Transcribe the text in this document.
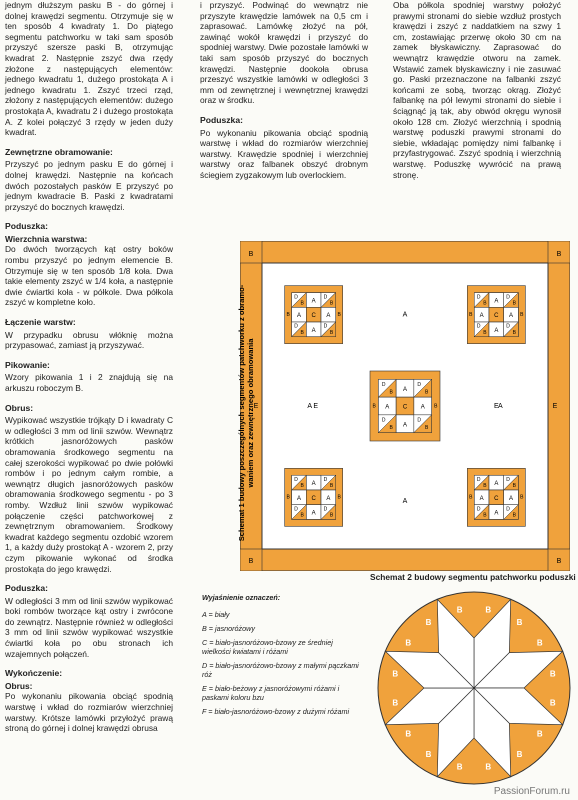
jednym dłuższym pasku B - do górnej i dolnej krawędzi segmentu. Otrzymuje się w ten sposób 4 kwadraty 1. Do piątego segmentu patchworku w taki sam sposób przyszyć szersze paski B, otrzymując kwadrat 2. Następnie zszyć dwa rzędy złożone z następujących elementów: jednego kwadratu 1, dużego prostokąta A i jednego kwadratu 1. Zszyć trzeci rząd, złożony z następujących elementów: dużego prostokąta A, kwadratu 2 i dużego prostokąta A. Z kolei połączyć 3 rzędy w jeden duży kwadrat.

Zewnętrzne obramowanie:

Przyszyć po jednym pasku E do górnej i dolnej krawędzi. Następnie na końcach dwóch pozostałych pasków E przyszyć po jednym kwadracie B. Paski z kwadratami przyszyć do bocznych krawędzi.

Poduszka:
Wierzchnia warstwa:

Do dwóch tworzących kąt ostry boków rombu przyszyć po jednym elemencie B. Otrzymuje się w ten sposób 1/8 koła. Dwa takie elementy zszyć w 1/4 koła, a następnie dwie ćwiartki koła - w półkole. Dwa półkola zszyć w kompletne koło.

Łączenie warstw:

W przypadku obrusu włóknię można przypasować, zamiast ją przyszywać.

Pikowanie:

Wzory pikowania 1 i 2 znajdują się na arkuszu roboczym B.

Obrus:

Wypikować wszystkie trójkąty D i kwadraty C w odległości 3 mm od linii szwów. Wewnątrz krótkich jasnoróżowych pasków obramowania środkowego segmentu na całej szerokości wypikować po dwie połówki rombów i po jednym całym rombie, a wewnątrz długich jasnoróżowych pasków obramowania środkowego segmentu - po 3 romby. Wzdłuż linii szwów wypikować połączenie części patchworkowej z zewnętrznym obramowaniem. Środkowy kwadrat każdego segmentu ozdobić wzorem 1, a każdy duży prostokąt A - wzorem 2, przy czym pikowanie wykonać od środka prostokąta do jego krawędzi.

Poduszka:

W odległości 3 mm od linii szwów wypikować boki rombów tworzące kąt ostry i zwrócone do zewnątrz. Następnie również w odległości 3 mm od linii szwów wypikować wszystkie ćwiartki koła po obu stronach ich wzajemnych połączeń.

Wykończenie:
Obrus:

Po wykonaniu pikowania obciąć spodnią warstwę i wkład do rozmiarów wierzchniej warstwy. Krótsze lamówki przyłożyć prawą stroną do górnej i dolnej krawędzi obrusa

i przyszyć. Podwinąć do wewnątrz nie przyszyte krawędzie lamówek na 0,5 cm i zaprasować. Lamówkę złożyć na pół, zawinąć wokół krawędzi i przyszyć do spodniej warstwy. Dwie pozostałe lamówki w taki sam sposób przyszyć do bocznych krawędzi. Następnie dookoła obrusa przeszyć wszystkie lamówki w odległości 3 mm od zewnętrznej i wewnętrznej krawędzi oraz w środku.

Poduszka:

Po wykonaniu pikowania obciąć spodnią warstwę i wkład do rozmiarów wierzchniej warstwy. Krawędzie spodniej i wierzchniej warstwy oraz falbanek obszyć drobnym ściegiem zygzakowym lub overlockiem.

Oba półkola spodniej warstwy położyć prawymi stronami do siebie wzdłuż prostych krawędzi i zszyć z naddatkiem na szwy 1 cm, zostawiając przerwę około 30 cm na zamek błyskawiczny. Zaprasować do wewnątrz krawędzie otworu na zamek. Wstawić zamek błyskawiczny i nie zasuwać go. Paski przeznaczone na falbanki zszyć końcami ze sobą, tworząc okrąg. Złożyć falbankę na pół lewymi stronami do siebie i ściągnąć ją tak, aby obwód okręgu wynosił około 128 cm. Złożyć wierzchnią i spodnią warstwę poduszki prawymi stronami do siebie, wkładając pomiędzy nimi falbankę i przyfastrygować. Zszyć spodnią i wierzchnią warstwę. Poduszkę wywrócić na prawą stronę.

B	B
B	B
E	E
A
A	A
A
E	E
D
B
A
D
B
A
C
A
D
B
A
D
B
B	B
D
B
A
D
B
A
C
A
D
B
A
D
B
B	B
D
B
A
D
B
A
C
A
D
B
A
D
B
B	B
D
B
A
D
B
A
C
A
D
B
A
D
B
B	B
D
B
A
D
B
A
C
A
D
B
A
D
B
B	B
Schemat 1 budowy poszczególnych segmentów patchworku z obramo- waniem oraz zewnętrznego obramowania
Schemat 2 budowy segmentu patchworku poduszki
B
B
B
B
B
B
B
B
B
B
B
B
B
B
B
B
Wyjaśnienie oznaczeń:
A = biały
B = jasnoróżowy
C = biało-jasnoróżowo-bzowy ze średniej wielkości kwiatami i różami
D = biało-jasnoróżowo-bzowy z małymi pączkami róż
E = biało-beżowy z jasnoróżowymi różami i paskami koloru bzu
F = biało-jasnoróżowo-bzowy z dużymi różami
PassionForum.ru
